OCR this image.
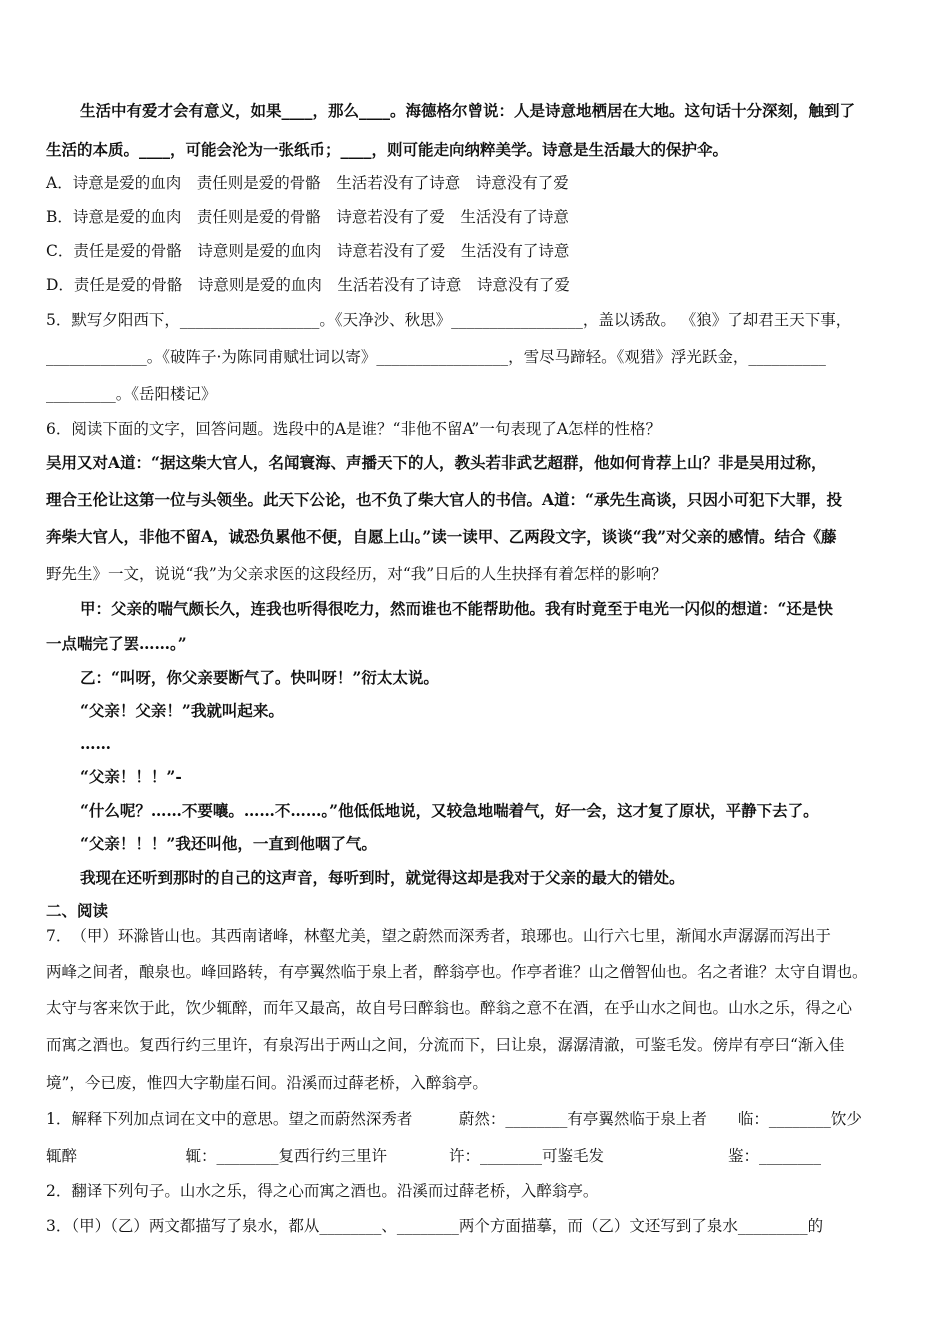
生活中有爱才会有意义，如果____，那么____。海德格尔曾说：人是诗意地栖居在大地。这句话十分深刻，触到了
生活的本质。____，可能会沦为一张纸币；____，则可能走向纳粹美学。诗意是生活最大的保护伞。
A．诗意是爱的血肉　责任则是爱的骨骼　生活若没有了诗意　诗意没有了爱
B．诗意是爱的血肉　责任则是爱的骨骼　诗意若没有了爱　生活没有了诗意
C．责任是爱的骨骼　诗意则是爱的血肉　诗意若没有了爱　生活没有了诗意
D．责任是爱的骨骼　诗意则是爱的血肉　生活若没有了诗意　诗意没有了爱
5．默写夕阳西下，__________________。《天净沙、秋思》_________________，盖以诱敌。 《狼》了却君王天下事，
_____________。《破阵子·为陈同甫赋壮词以寄》_________________，雪尽马蹄轻。《观猎》浮光跃金，__________
_________。《岳阳楼记》
6．阅读下面的文字，回答问题。选段中的A是谁？“非他不留A”一句表现了A怎样的性格？
吴用又对A道：“据这柴大官人，名闻寰海、声播天下的人，教头若非武艺超群，他如何肯荐上山？非是吴用过称，
理合王伦让这第一位与头领坐。此天下公论，也不负了柴大官人的书信。A道：“承先生高谈，只因小可犯下大罪，投
奔柴大官人，非他不留A，诚恐负累他不便，自愿上山。”读一读甲、乙两段文字，谈谈“我”对父亲的感情。结合《藤
野先生》一文，说说“我”为父亲求医的这段经历，对“我”日后的人生抉择有着怎样的影响？
甲：父亲的喘气颇长久，连我也听得很吃力，然而谁也不能帮助他。我有时竟至于电光一闪似的想道：“还是快
一点喘完了罢……。”
乙：“叫呀，你父亲要断气了。快叫呀！”衍太太说。
“父亲！父亲！”我就叫起来。
……
“父亲！！！”-
“什么呢？……不要嚷。……不……。”他低低地说，又较急地喘着气，好一会，这才复了原状，平静下去了。
“父亲！！！”我还叫他，一直到他咽了气。
我现在还听到那时的自己的这声音，每听到时，就觉得这却是我对于父亲的最大的错处。
二、阅读
7．　（甲）环滁皆山也。其西南诸峰，林壑尤美，望之蔚然而深秀者，琅琊也。山行六七里，渐闻水声潺潺而泻出于
两峰之间者，酿泉也。峰回路转，有亭翼然临于泉上者，醉翁亭也。作亭者谁？山之僧智仙也。名之者谁？太守自谓也。
太守与客来饮于此，饮少辄醉，而年又最高，故自号曰醉翁也。醉翁之意不在酒，在乎山水之间也。山水之乐，得之心
而寓之酒也。复西行约三里许，有泉泻出于两山之间，分流而下，曰让泉，潺潺清澈，可鉴毛发。傍岸有亭曰“渐入佳
境”，今已废，惟四大字勒崖石间。沿溪而过薛老桥，入醉翁亭。
1．解释下列加点词在文中的意思。望之而蔚然深秀者　　　蔚然：________有亭翼然临于泉上者　　临：________饮少
辄醉　　　　　　　辄：________复西行约三里许　　　　许：________可鉴毛发　　　　　　　　鉴：________
2．翻译下列句子。山水之乐，得之心而寓之酒也。沿溪而过薛老桥，入醉翁亭。
3．（甲）（乙）两文都描写了泉水，都从________、________两个方面描摹，而（乙）文还写到了泉水_________的
